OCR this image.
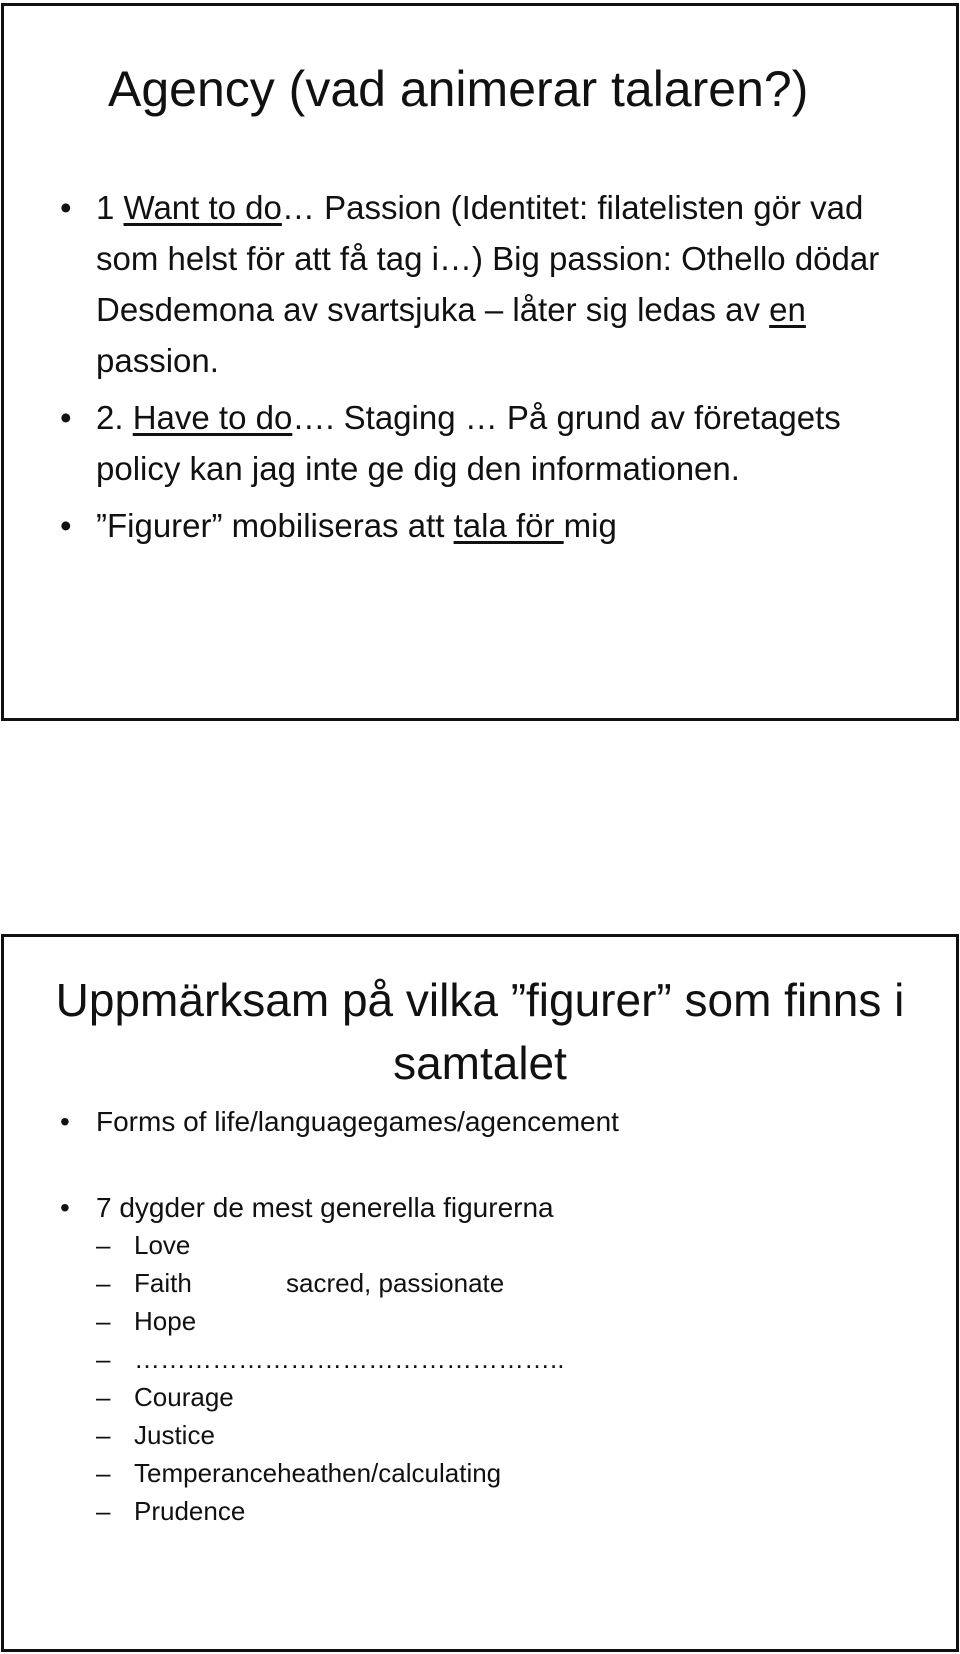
Agency (vad animerar talaren?)
• 1 Want to do… Passion (Identitet: filatelisten gör vad som helst för att få tag i…) Big passion: Othello dödar Desdemona av svartsjuka – låter sig ledas av en passion.
• 2. Have to do…. Staging … På grund av företagets policy kan jag inte ge dig den informationen.
• ”Figurer” mobiliseras att tala för mig
Uppmärksam på vilka ”figurer” som finns i samtalet
• Forms of life/languagegames/agencement
• 7 dygder de mest generella figurerna
– Love
– Faith	sacred, passionate
– Hope
– …………………………………………..
– Courage
– Justice
– Temperanceheathen/calculating
– Prudence
